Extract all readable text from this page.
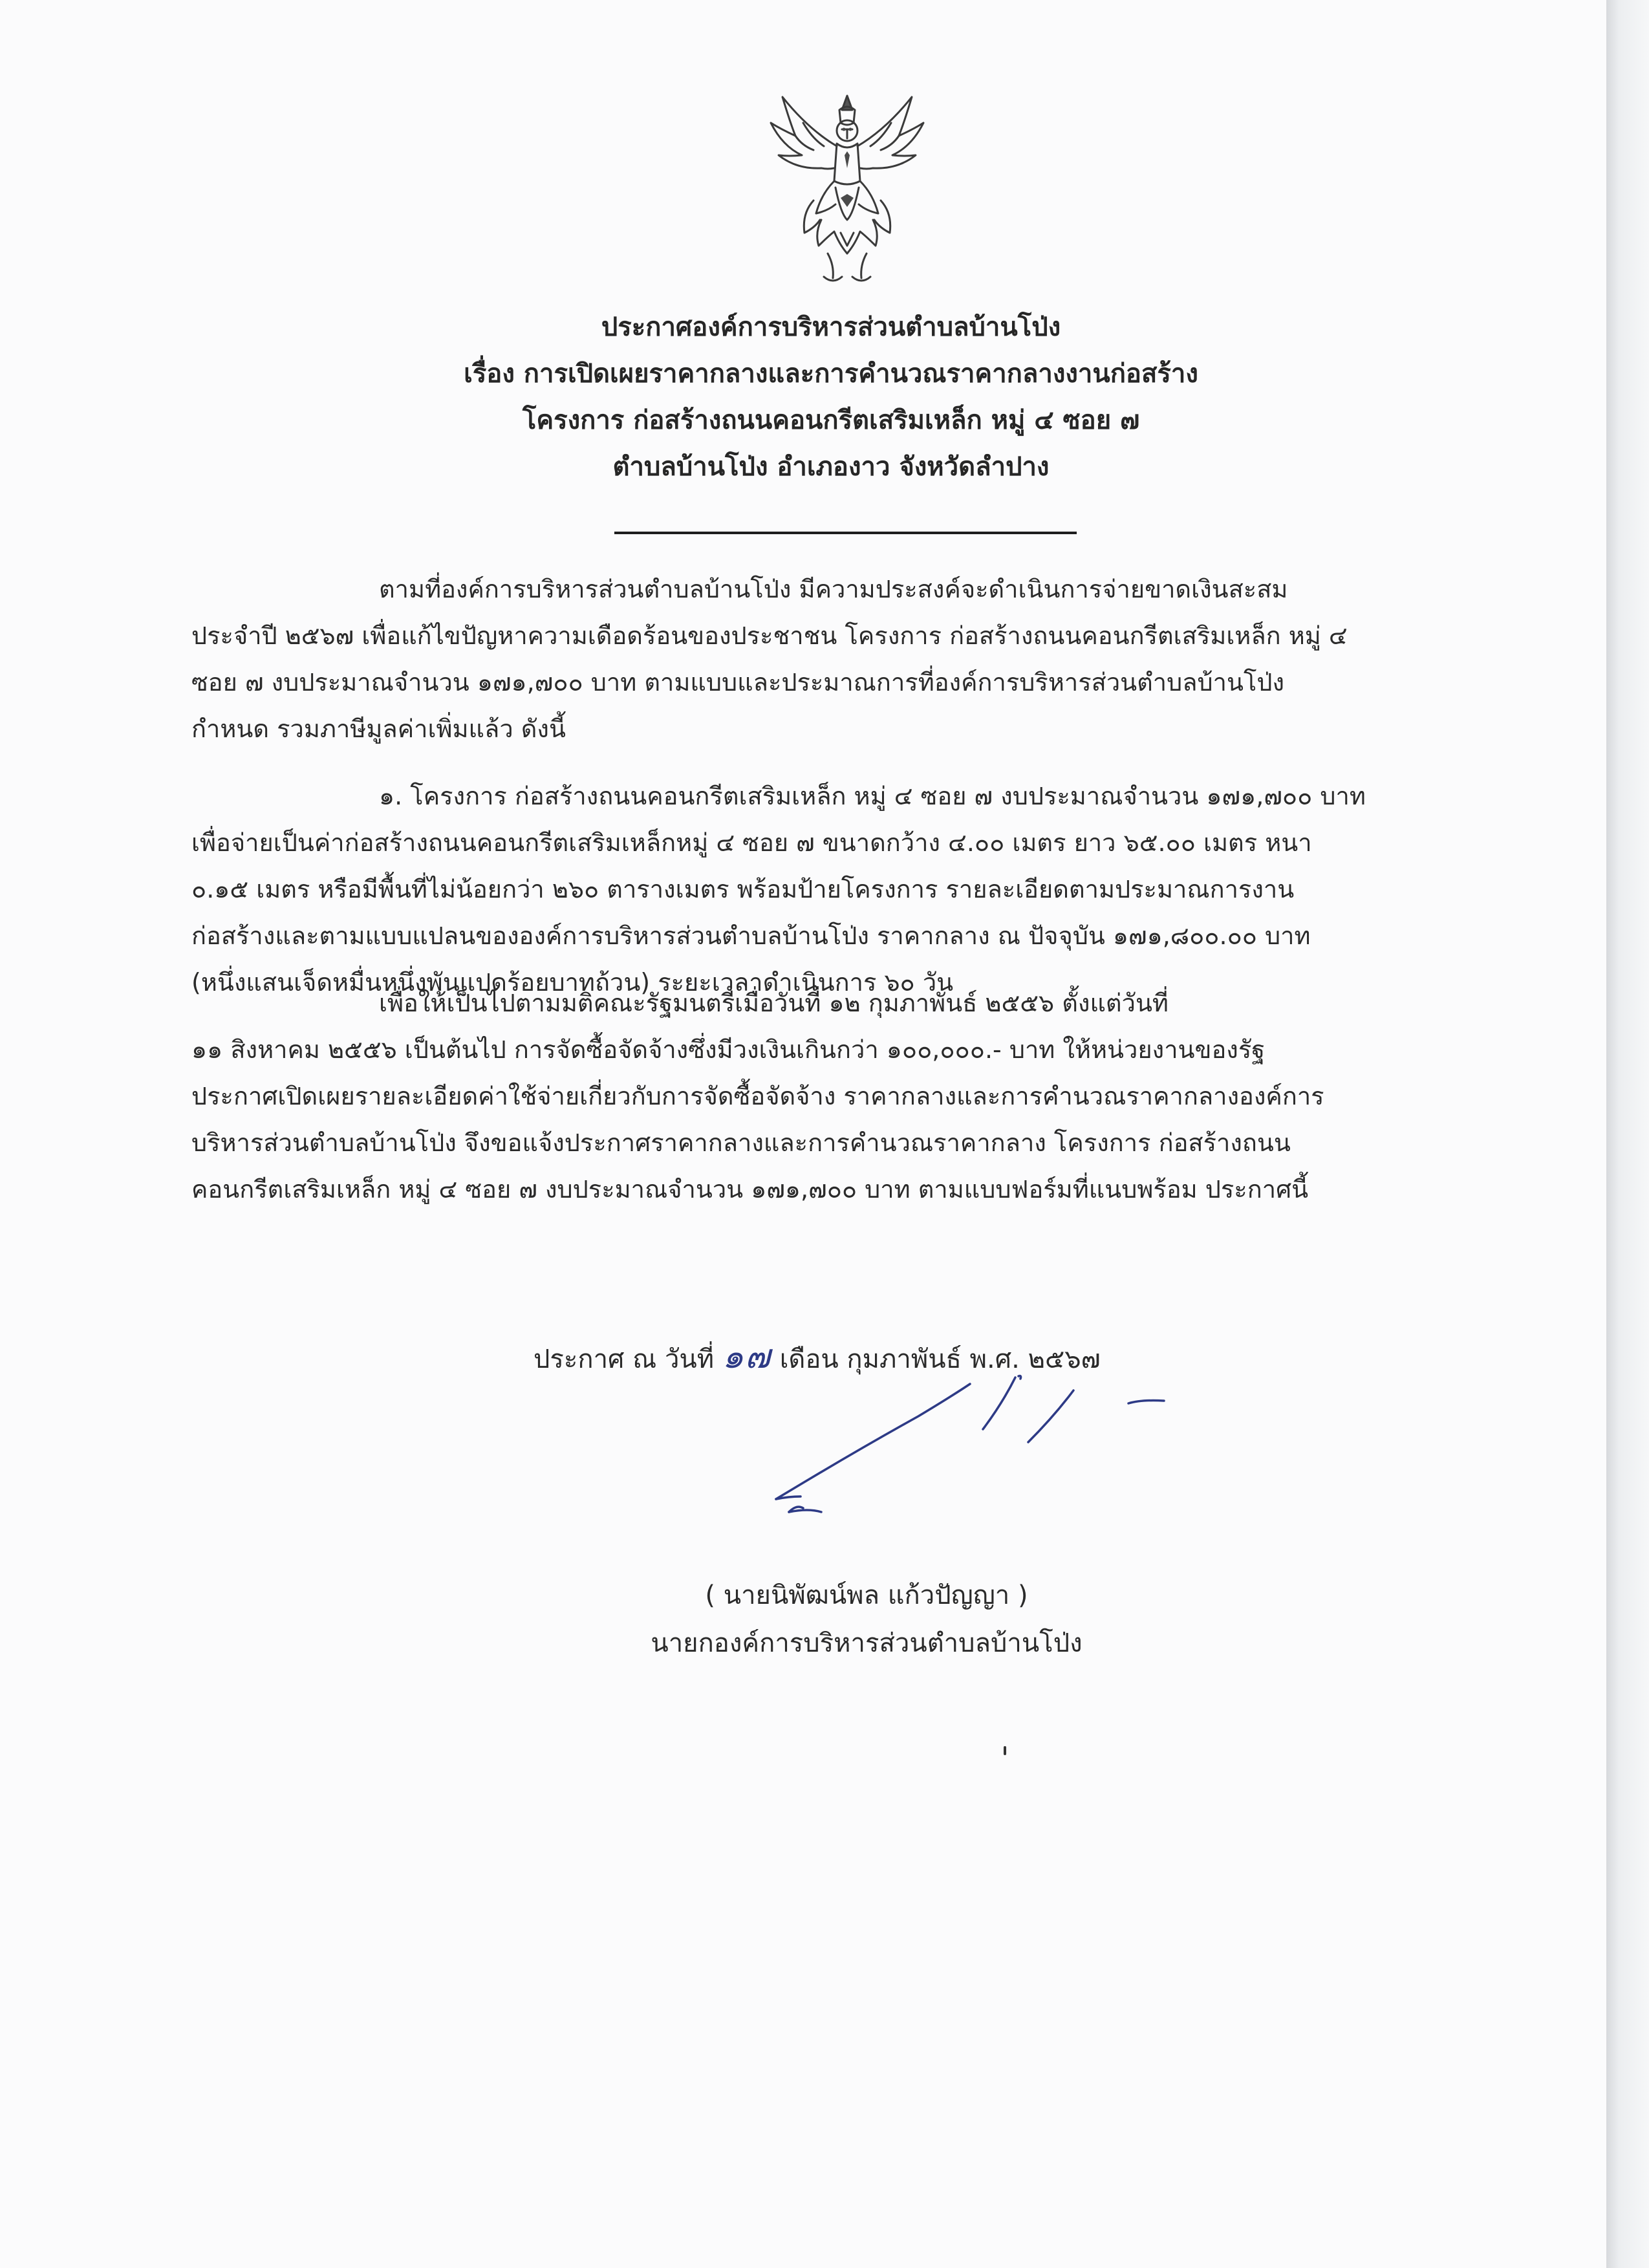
ประกาศองค์การบริหารส่วนตำบลบ้านโป่ง
เรื่อง การเปิดเผยราคากลางและการคำนวณราคากลางงานก่อสร้าง
โครงการ ก่อสร้างถนนคอนกรีตเสริมเหล็ก หมู่ ๔ ซอย ๗
ตำบลบ้านโป่ง อำเภองาว จังหวัดลำปาง
ตามที่องค์การบริหารส่วนตำบลบ้านโป่ง มีความประสงค์จะดำเนินการจ่ายขาดเงินสะสม
ประจำปี ๒๕๖๗ เพื่อแก้ไขปัญหาความเดือดร้อนของประชาชน โครงการ ก่อสร้างถนนคอนกรีตเสริมเหล็ก หมู่ ๔
ซอย ๗ งบประมาณจำนวน ๑๗๑,๗๐๐ บาท ตามแบบและประมาณการที่องค์การบริหารส่วนตำบลบ้านโป่ง
กำหนด รวมภาษีมูลค่าเพิ่มแล้ว ดังนี้
๑. โครงการ ก่อสร้างถนนคอนกรีตเสริมเหล็ก หมู่ ๔ ซอย ๗ งบประมาณจำนวน ๑๗๑,๗๐๐ บาท
เพื่อจ่ายเป็นค่าก่อสร้างถนนคอนกรีตเสริมเหล็กหมู่ ๔ ซอย ๗ ขนาดกว้าง ๔.๐๐ เมตร ยาว ๖๕.๐๐ เมตร หนา
๐.๑๕ เมตร หรือมีพื้นที่ไม่น้อยกว่า ๒๖๐ ตารางเมตร พร้อมป้ายโครงการ รายละเอียดตามประมาณการงาน
ก่อสร้างและตามแบบแปลนขององค์การบริหารส่วนตำบลบ้านโป่ง ราคากลาง ณ ปัจจุบัน ๑๗๑,๘๐๐.๐๐ บาท
(หนึ่งแสนเจ็ดหมื่นหนึ่งพันแปดร้อยบาทถ้วน) ระยะเวลาดำเนินการ ๖๐ วัน
เพื่อให้เป็นไปตามมติคณะรัฐมนตรีเมื่อวันที่ ๑๒ กุมภาพันธ์ ๒๕๕๖ ตั้งแต่วันที่
๑๑ สิงหาคม ๒๕๕๖ เป็นต้นไป การจัดซื้อจัดจ้างซึ่งมีวงเงินเกินกว่า ๑๐๐,๐๐๐.- บาท ให้หน่วยงานของรัฐ
ประกาศเปิดเผยรายละเอียดค่าใช้จ่ายเกี่ยวกับการจัดซื้อจัดจ้าง ราคากลางและการคำนวณราคากลางองค์การ
บริหารส่วนตำบลบ้านโป่ง จึงขอแจ้งประกาศราคากลางและการคำนวณราคากลาง โครงการ ก่อสร้างถนน
คอนกรีตเสริมเหล็ก หมู่ ๔ ซอย ๗ งบประมาณจำนวน ๑๗๑,๗๐๐ บาท ตามแบบฟอร์มที่แนบพร้อม ประกาศนี้
ประกาศ ณ วันที่ ๑๗ เดือน กุมภาพันธ์ พ.ศ. ๒๕๖๗
( นายนิพัฒน์พล แก้วปัญญา )
นายกองค์การบริหารส่วนตำบลบ้านโป่ง
